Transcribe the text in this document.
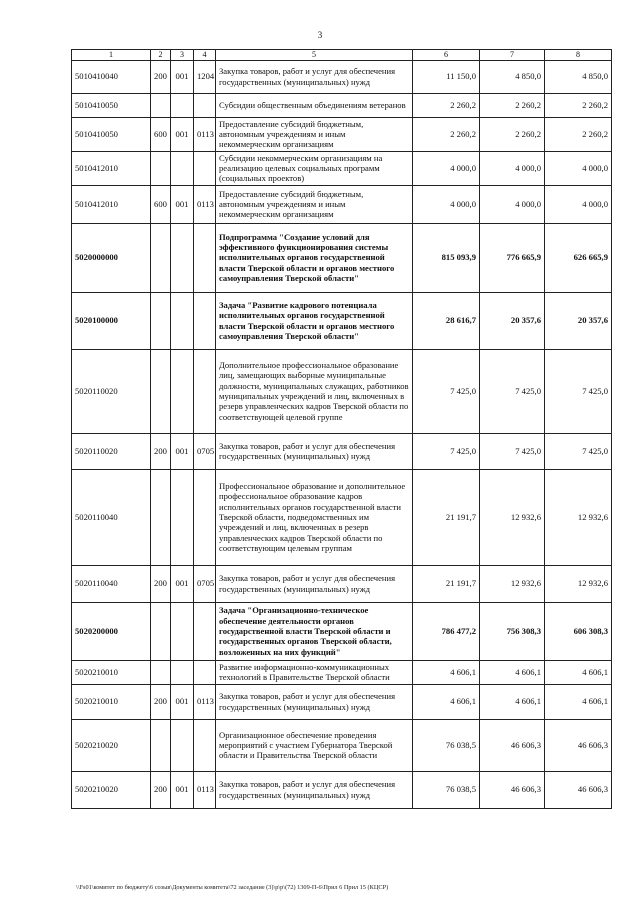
3
1	2	3	4	5	6	7	8
5010410040	200	001	1204	Закупка товаров, работ и услуг для обеспечения государственных (муниципальных) нужд	11 150,0	4 850,0	4 850,0
5010410050				Субсидии общественным объединениям ветеранов	2 260,2	2 260,2	2 260,2
5010410050	600	001	0113	Предоставление субсидий бюджетным, автономным учреждениям и иным некоммерческим организациям	2 260,2	2 260,2	2 260,2
5010412010				Субсидии некоммерческим организациям на реализацию целевых социальных программ (социальных проектов)	4 000,0	4 000,0	4 000,0
5010412010	600	001	0113	Предоставление субсидий бюджетным, автономным учреждениям и иным некоммерческим организациям	4 000,0	4 000,0	4 000,0
5020000000				Подпрограмма "Создание условий для эффективного функционирования системы исполнительных органов государственной власти Тверской области и органов местного самоуправления Тверской области"	815 093,9	776 665,9	626 665,9
5020100000				Задача "Развитие кадрового потенциала исполнительных органов государственной власти Тверской области и органов местного самоуправления Тверской области"	28 616,7	20 357,6	20 357,6
5020110020				Дополнительное профессиональное образование лиц, замещающих выборные муниципальные должности, муниципальных служащих, работников муниципальных учреждений и лиц, включенных в резерв управленческих кадров Тверской области по соответствующей целевой группе	7 425,0	7 425,0	7 425,0
5020110020	200	001	0705	Закупка товаров, работ и услуг для обеспечения государственных (муниципальных) нужд	7 425,0	7 425,0	7 425,0
5020110040				Профессиональное образование и дополнительное профессиональное образование кадров исполнительных органов государственной власти Тверской области, подведомственных им учреждений и лиц, включенных в резерв управленческих кадров Тверской области по соответствующим целевым группам	21 191,7	12 932,6	12 932,6
5020110040	200	001	0705	Закупка товаров, работ и услуг для обеспечения государственных (муниципальных) нужд	21 191,7	12 932,6	12 932,6
5020200000				Задача "Организационно-техническое обеспечение деятельности органов государственной власти Тверской области и государственных органов Тверской области, возложенных на них функций"	786 477,2	756 308,3	606 308,3
5020210010				Развитие информационно-коммуникационных технологий в Правительстве Тверской области	4 606,1	4 606,1	4 606,1
5020210010	200	001	0113	Закупка товаров, работ и услуг для обеспечения государственных (муниципальных) нужд	4 606,1	4 606,1	4 606,1
5020210020				Организационное обеспечение проведения мероприятий с участием Губернатора Тверской области и Правительства Тверской области	76 038,5	46 606,3	46 606,3
5020210020	200	001	0113	Закупка товаров, работ и услуг для обеспечения государственных (муниципальных) нужд	76 038,5	46 606,3	46 606,3
\\Fs01\комитет по бюджету\6 созыв\Документы комитета\72 заседание (3)\p\p\(72) 1309-П-6\Прил 6 Прил 15 (КЦСР)
